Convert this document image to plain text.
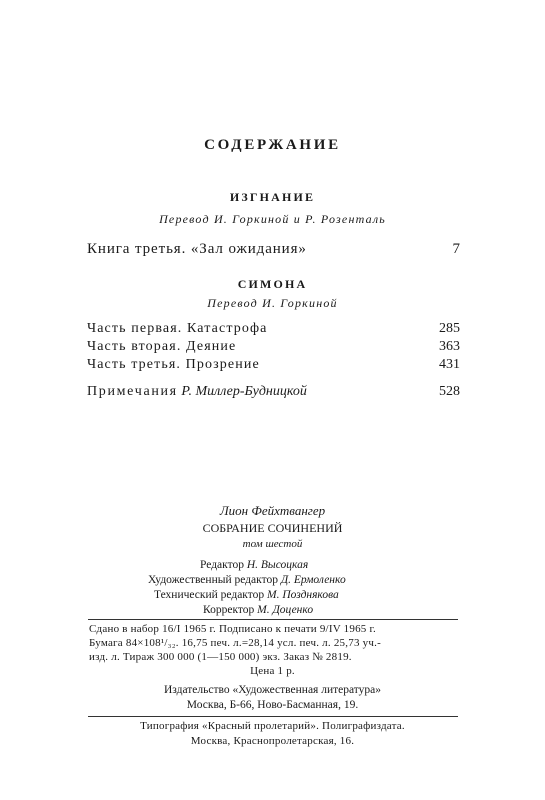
СОДЕРЖАНИЕ
ИЗГНАНИЕ
Перевод И. Горкиной и Р. Розенталь
Книга третья. «Зал ожидания»	7
СИМОНА
Перевод И. Горкиной
Часть первая. Катастрофа	285
Часть вторая. Деяние	363
Часть третья. Прозрение	431
Примечания Р. Миллер-Будницкой	528
Лион Фейхтвангер
СОБРАНИЕ СОЧИНЕНИЙ
том шестой
Редактор Н. Высоцкая
Художественный редактор Д. Ермоленко
Технический редактор М. Позднякова
Корректор М. Доценко
Сдано в набор 16/I 1965 г. Подписано к печати 9/IV 1965 г.
Бумага 84×108¹/₃₂. 16,75 печ. л.=28,14 усл. печ. л. 25,73 уч.-
изд. л. Тираж 300 000 (1—150 000) экз. Заказ № 2819.
Цена 1 р.
Издательство «Художественная литература»
Москва, Б-66, Ново-Басманная, 19.
Типография «Красный пролетарий». Полиграфиздата.
Москва, Краснопролетарская, 16.
